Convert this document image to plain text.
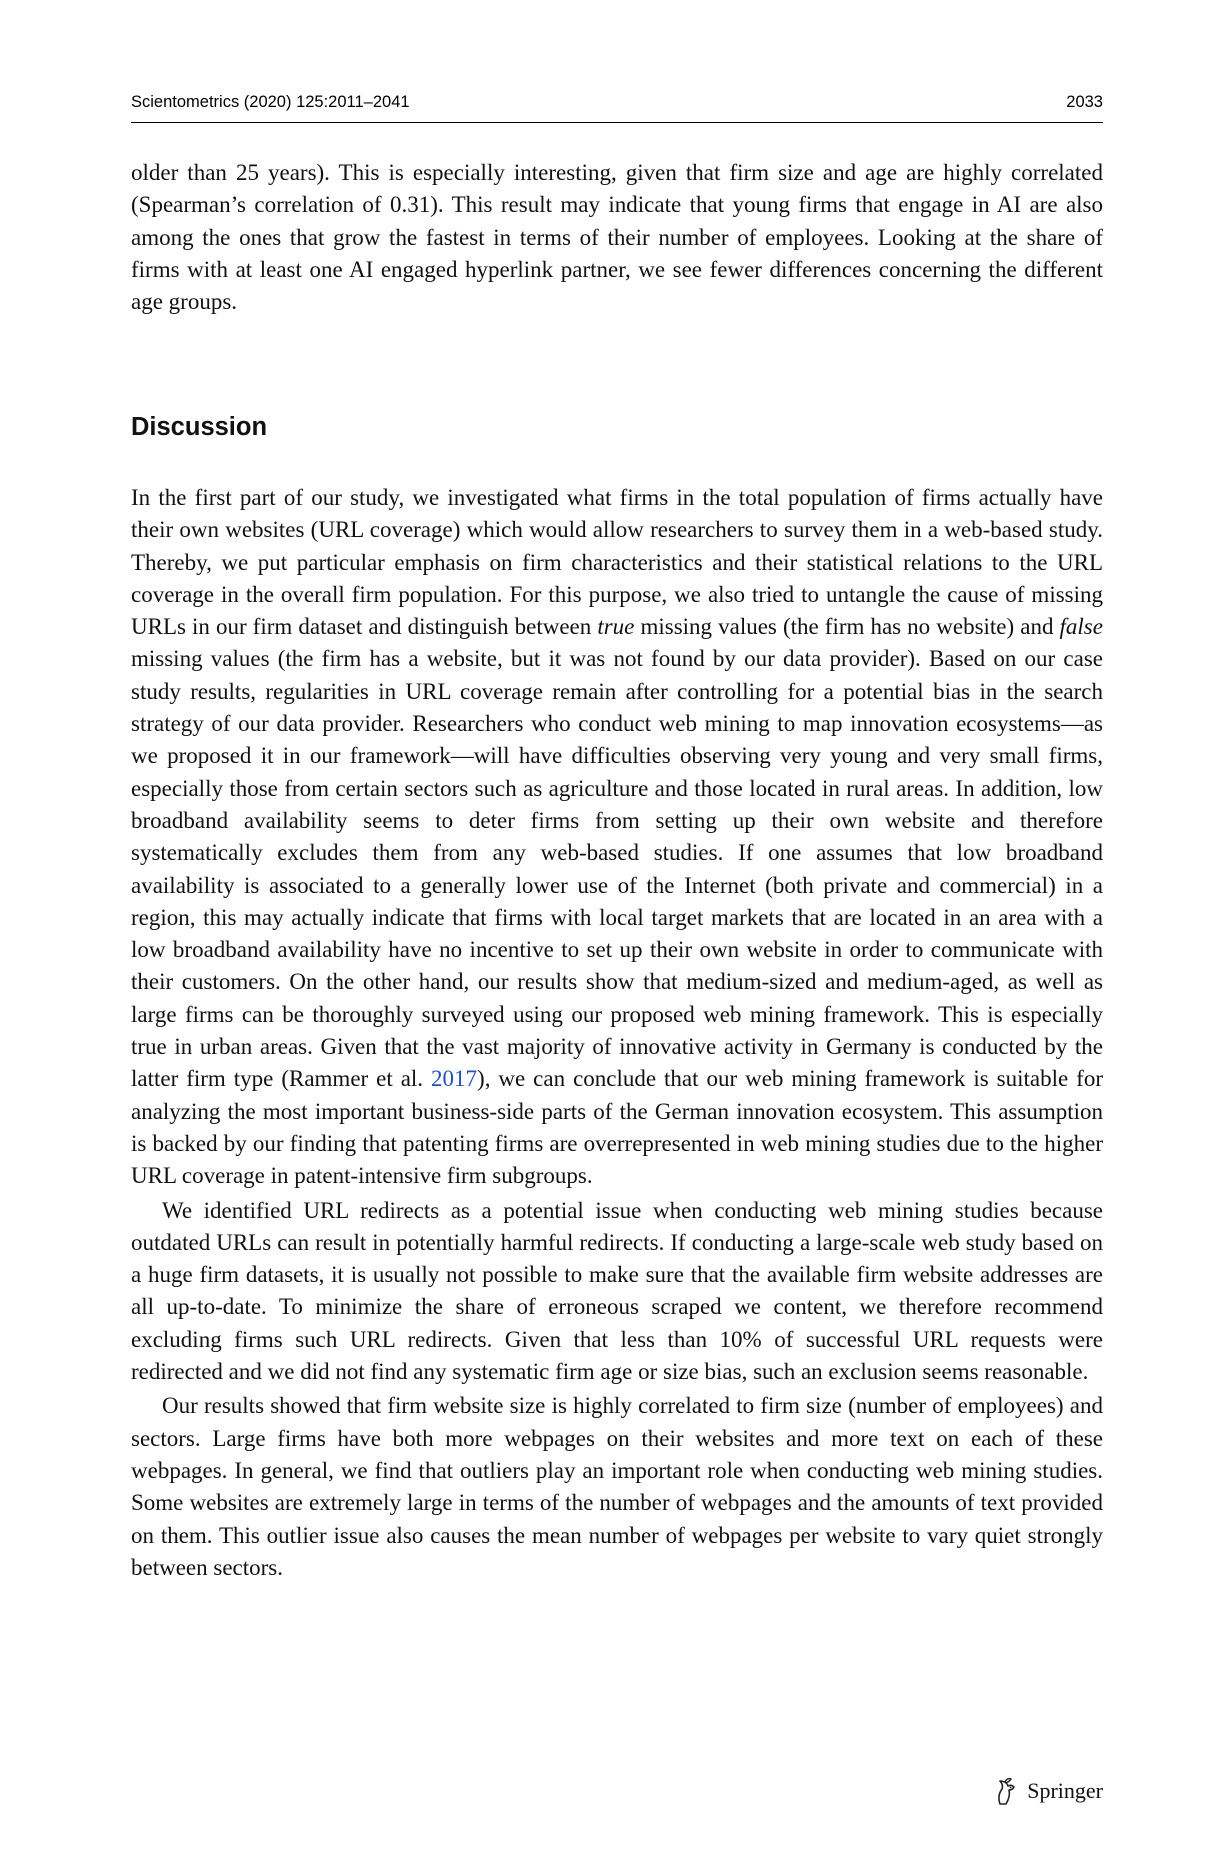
Scientometrics (2020) 125:2011–2041	2033

older than 25 years). This is especially interesting, given that firm size and age are highly correlated (Spearman’s correlation of 0.31). This result may indicate that young firms that engage in AI are also among the ones that grow the fastest in terms of their number of employees. Looking at the share of firms with at least one AI engaged hyperlink partner, we see fewer differences concerning the different age groups.

Discussion

In the first part of our study, we investigated what firms in the total population of firms actually have their own websites (URL coverage) which would allow researchers to survey them in a web-based study. Thereby, we put particular emphasis on firm characteristics and their statistical relations to the URL coverage in the overall firm population. For this purpose, we also tried to untangle the cause of missing URLs in our firm dataset and distinguish between true missing values (the firm has no website) and false missing values (the firm has a website, but it was not found by our data provider). Based on our case study results, regularities in URL coverage remain after controlling for a potential bias in the search strategy of our data provider. Researchers who conduct web mining to map innovation ecosystems—as we proposed it in our framework—will have difficulties observing very young and very small firms, especially those from certain sectors such as agriculture and those located in rural areas. In addition, low broadband availability seems to deter firms from setting up their own website and therefore systematically excludes them from any web-based studies. If one assumes that low broadband availability is associated to a generally lower use of the Internet (both private and commercial) in a region, this may actually indicate that firms with local target markets that are located in an area with a low broadband availability have no incentive to set up their own website in order to communicate with their customers. On the other hand, our results show that medium-sized and medium-aged, as well as large firms can be thoroughly surveyed using our proposed web mining framework. This is especially true in urban areas. Given that the vast majority of innovative activity in Germany is conducted by the latter firm type (Rammer et al. 2017), we can conclude that our web mining framework is suitable for analyzing the most important business-side parts of the German innovation ecosystem. This assumption is backed by our finding that patenting firms are overrepresented in web mining studies due to the higher URL coverage in patent-intensive firm subgroups.

We identified URL redirects as a potential issue when conducting web mining studies because outdated URLs can result in potentially harmful redirects. If conducting a large-scale web study based on a huge firm datasets, it is usually not possible to make sure that the available firm website addresses are all up-to-date. To minimize the share of erroneous scraped we content, we therefore recommend excluding firms such URL redirects. Given that less than 10% of successful URL requests were redirected and we did not find any systematic firm age or size bias, such an exclusion seems reasonable.

Our results showed that firm website size is highly correlated to firm size (number of employees) and sectors. Large firms have both more webpages on their websites and more text on each of these webpages. In general, we find that outliers play an important role when conducting web mining studies. Some websites are extremely large in terms of the number of webpages and the amounts of text provided on them. This outlier issue also causes the mean number of webpages per website to vary quiet strongly between sectors.

Springer
